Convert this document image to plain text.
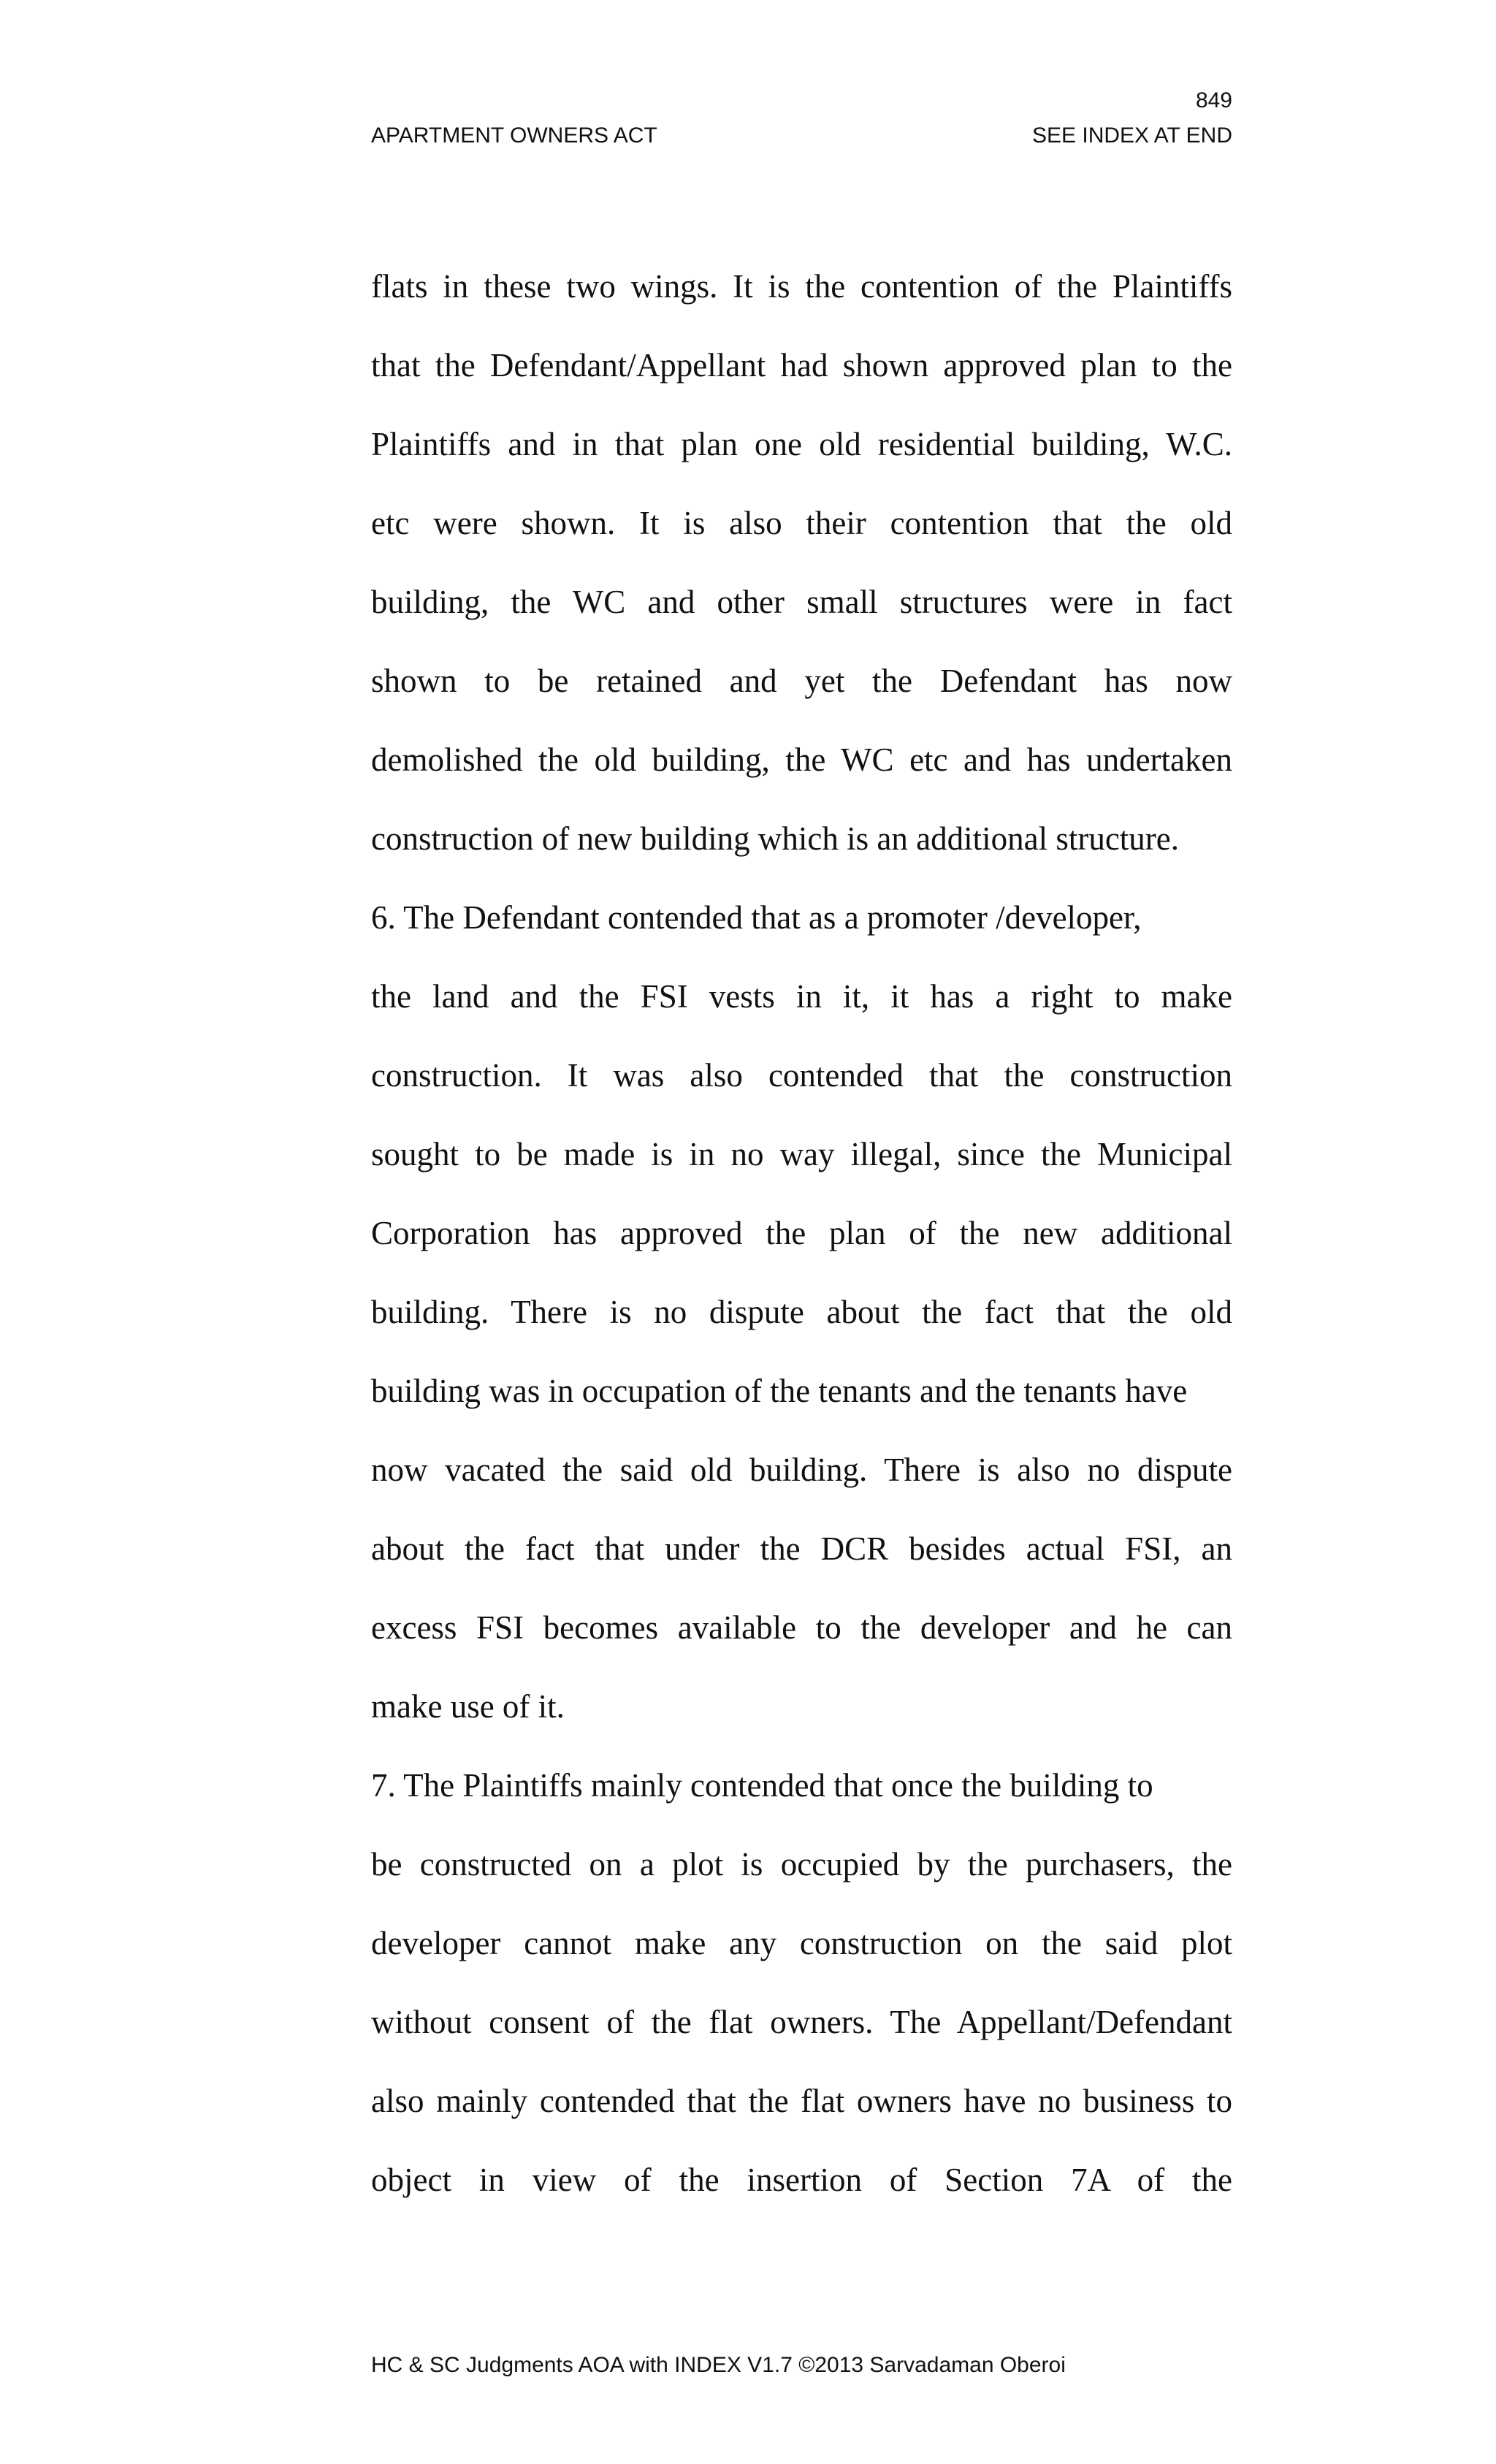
849
APARTMENT OWNERS ACT	SEE INDEX AT END
flats in these two wings. It is the contention of the Plaintiffs
that the Defendant/Appellant had shown approved plan to the
Plaintiffs and in that plan one old residential building, W.C.
etc were shown. It is also their contention that the old
building, the WC and other small structures were in fact
shown to be retained and yet the Defendant has now
demolished the old building, the WC etc and has undertaken
construction of new building which is an additional structure.
6. The Defendant contended that as a promoter /developer,
the land and the FSI vests in it, it has a right to make
construction. It was also contended that the construction
sought to be made is in no way illegal, since the Municipal
Corporation has approved the plan of the new additional
building. There is no dispute about the fact that the old
building was in occupation of the tenants and the tenants have
now vacated the said old building. There is also no dispute
about the fact that under the DCR besides actual FSI, an
excess FSI becomes available to the developer and he can
make use of it.
7. The Plaintiffs mainly contended that once the building to
be constructed on a plot is occupied by the purchasers, the
developer cannot make any construction on the said plot
without consent of the flat owners. The Appellant/Defendant
also mainly contended that the flat owners have no business to
object in view of the insertion of Section 7A of the
HC & SC Judgments AOA with INDEX V1.7 ©2013 Sarvadaman Oberoi
